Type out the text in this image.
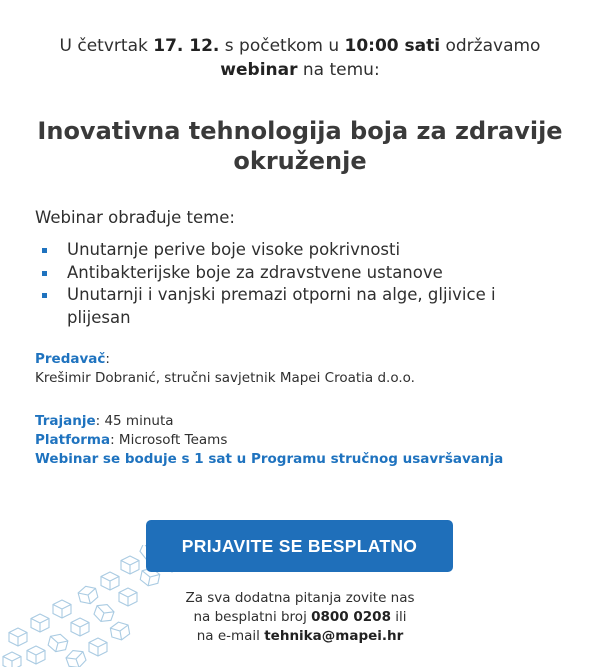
U četvrtak 17. 12. s početkom u 10:00 sati održavamo
webinar na temu:
Inovativna tehnologija boja za zdravije
okruženje
Webinar obrađuje teme:
Unutarnje perive boje visoke pokrivnosti
Antibakterijske boje za zdravstvene ustanove
Unutarnji i vanjski premazi otporni na alge, gljivice i
plijesan
Predavač:
Krešimir Dobranić, stručni savjetnik Mapei Croatia d.o.o.
Trajanje: 45 minuta
Platforma: Microsoft Teams
Webinar se boduje s 1 sat u Programu stručnog usavršavanja
PRIJAVITE SE BESPLATNO
Za sva dodatna pitanja zovite nas
na besplatni broj 0800 0208 ili
na e-mail tehnika@mapei.hr
